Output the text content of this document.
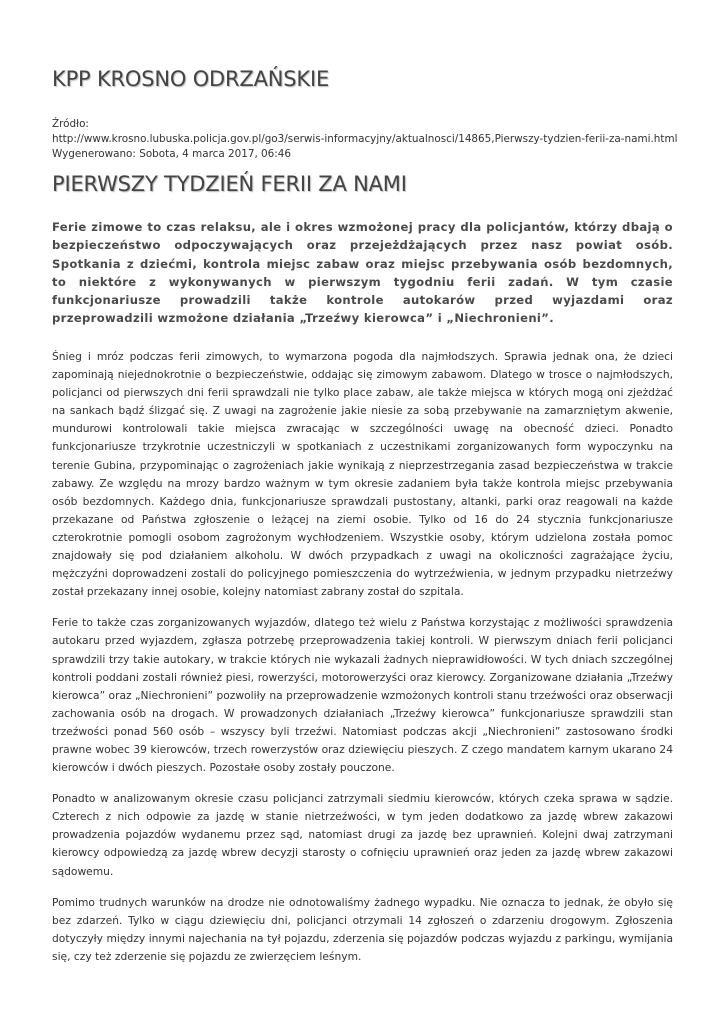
KPP KROSNO ODRZAŃSKIE
Źródło:
http://www.krosno.lubuska.policja.gov.pl/go3/serwis-informacyjny/aktualnosci/14865,Pierwszy-tydzien-ferii-za-nami.html
Wygenerowano: Sobota, 4 marca 2017, 06:46
PIERWSZY TYDZIEŃ FERII ZA NAMI

Ferie zimowe to czas relaksu, ale i okres wzmożonej pracy dla policjantów, którzy dbają o bezpieczeństwo odpoczywających oraz przejeżdżających przez nasz powiat osób. Spotkania z dziećmi, kontrola miejsc zabaw oraz miejsc przebywania osób bezdomnych, to niektóre z wykonywanych w pierwszym tygodniu ferii zadań. W tym czasie funkcjonariusze prowadzili także kontrole autokarów przed wyjazdami oraz przeprowadzili wzmożone działania „Trzeźwy kierowca” i „Niechronieni”.

Śnieg i mróz podczas ferii zimowych, to wymarzona pogoda dla najmłodszych. Sprawia jednak ona, że dzieci zapominają niejednokrotnie o bezpieczeństwie, oddając się zimowym zabawom. Dlatego w trosce o najmłodszych, policjanci od pierwszych dni ferii sprawdzali nie tylko place zabaw, ale także miejsca w których mogą oni zjeżdżać na sankach bądź ślizgać się. Z uwagi na zagrożenie jakie niesie za sobą przebywanie na zamarzniętym akwenie, mundurowi kontrolowali takie miejsca zwracając w szczególności uwagę na obecność dzieci. Ponadto funkcjonariusze trzykrotnie uczestniczyli w spotkaniach z uczestnikami zorganizowanych form wypoczynku na terenie Gubina, przypominając o zagrożeniach jakie wynikają z nieprzestrzegania zasad bezpieczeństwa w trakcie zabawy. Ze względu na mrozy bardzo ważnym w tym okresie zadaniem była także kontrola miejsc przebywania osób bezdomnych. Każdego dnia, funkcjonariusze sprawdzali pustostany, altanki, parki oraz reagowali na każde przekazane od Państwa zgłoszenie o leżącej na ziemi osobie. Tylko od 16 do 24 stycznia funkcjonariusze czterokrotnie pomogli osobom zagrożonym wychłodzeniem. Wszystkie osoby, którym udzielona została pomoc znajdowały się pod działaniem alkoholu. W dwóch przypadkach z uwagi na okoliczności zagrażające życiu, mężczyźni doprowadzeni zostali do policyjnego pomieszczenia do wytrzeźwienia, w jednym przypadku nietrzeźwy został przekazany innej osobie, kolejny natomiast zabrany został do szpitala.

Ferie to także czas zorganizowanych wyjazdów, dlatego też wielu z Państwa korzystając z możliwości sprawdzenia autokaru przed wyjazdem, zgłasza potrzebę przeprowadzenia takiej kontroli. W pierwszym dniach ferii policjanci sprawdzili trzy takie autokary, w trakcie których nie wykazali żadnych nieprawidłowości. W tych dniach szczególnej kontroli poddani zostali również piesi, rowerzyści, motorowerzyści oraz kierowcy. Zorganizowane działania „Trzeźwy kierowca” oraz „Niechronieni” pozwoliły na przeprowadzenie wzmożonych kontroli stanu trzeźwości oraz obserwacji zachowania osób na drogach. W prowadzonych działaniach „Trzeźwy kierowca” funkcjonariusze sprawdzili stan trzeźwości ponad 560 osób – wszyscy byli trzeźwi. Natomiast podczas akcji „Niechronieni” zastosowano środki prawne wobec 39 kierowców, trzech rowerzystów oraz dziewięciu pieszych. Z czego mandatem karnym ukarano 24 kierowców i dwóch pieszych. Pozostałe osoby zostały pouczone.

Ponadto w analizowanym okresie czasu policjanci zatrzymali siedmiu kierowców, których czeka sprawa w sądzie. Czterech z nich odpowie za jazdę w stanie nietrzeźwości, w tym jeden dodatkowo za jazdę wbrew zakazowi prowadzenia pojazdów wydanemu przez sąd, natomiast drugi za jazdę bez uprawnień. Kolejni dwaj zatrzymani kierowcy odpowiedzą za jazdę wbrew decyzji starosty o cofnięciu uprawnień oraz jeden za jazdę wbrew zakazowi sądowemu.

Pomimo trudnych warunków na drodze nie odnotowaliśmy żadnego wypadku. Nie oznacza to jednak, że obyło się bez zdarzeń. Tylko w ciągu dziewięciu dni, policjanci otrzymali 14 zgłoszeń o zdarzeniu drogowym. Zgłoszenia dotyczyły między innymi najechania na tył pojazdu, zderzenia się pojazdów podczas wyjazdu z parkingu, wymijania się, czy też zderzenie się pojazdu ze zwierzęciem leśnym.
